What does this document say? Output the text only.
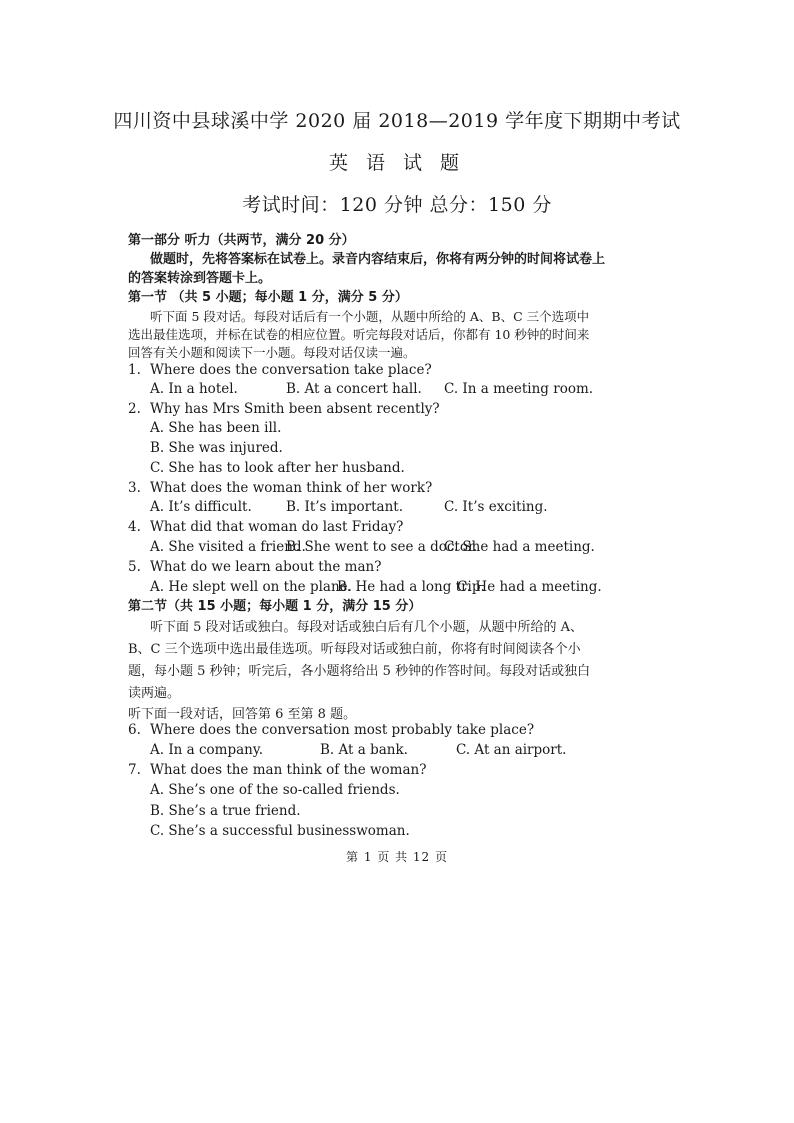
四川资中县球溪中学 2020 届 2018—2019 学年度下期期中考试
英 语 试 题
考试时间：120 分钟 总分：150 分
第一部分 听力（共两节，满分 20 分）
做题时，先将答案标在试卷上。录音内容结束后，你将有两分钟的时间将试卷上
的答案转涂到答题卡上。
第一节 （共 5 小题；每小题 1 分，满分 5 分）
听下面 5 段对话。每段对话后有一个小题，从题中所给的 A、B、C 三个选项中
选出最佳选项，并标在试卷的相应位置。听完每段对话后，你都有 10 秒钟的时间来
回答有关小题和阅读下一小题。每段对话仅读一遍。
1. Where does the conversation take place?
A. In a hotel.	B. At a concert hall. C. In a meeting room.
2. Why has Mrs Smith been absent recently?
A. She has been ill.
B. She was injured.
C. She has to look after her husband.
3. What does the woman think of her work?
A. It’s difficult.	B. It’s important.	C. It’s exciting.
4. What did that woman do last Friday?
A. She visited a friend.
B. She went to see a doctor.
C. She had a meeting.
5. What do we learn about the man?
A. He slept well on the plane.
B. He had a long trip.
C. He had a meeting.
第二节（共 15 小题；每小题 1 分，满分 15 分）
听下面 5 段对话或独白。每段对话或独白后有几个小题，从题中所给的 A、
B、C 三个选项中选出最佳选项。听每段对话或独白前，你将有时间阅读各个小
题，每小题 5 秒钟；听完后，各小题将给出 5 秒钟的作答时间。每段对话或独白
读两遍。
听下面一段对话，回答第 6 至第 8 题。
6. Where does the conversation most probably take place?
A. In a company.	B. At a bank.	C. At an airport.
7. What does the man think of the woman?
A. She’s one of the so-called friends.
B. She’s a true friend.
C. She’s a successful businesswoman.
第 1 页 共 12 页
